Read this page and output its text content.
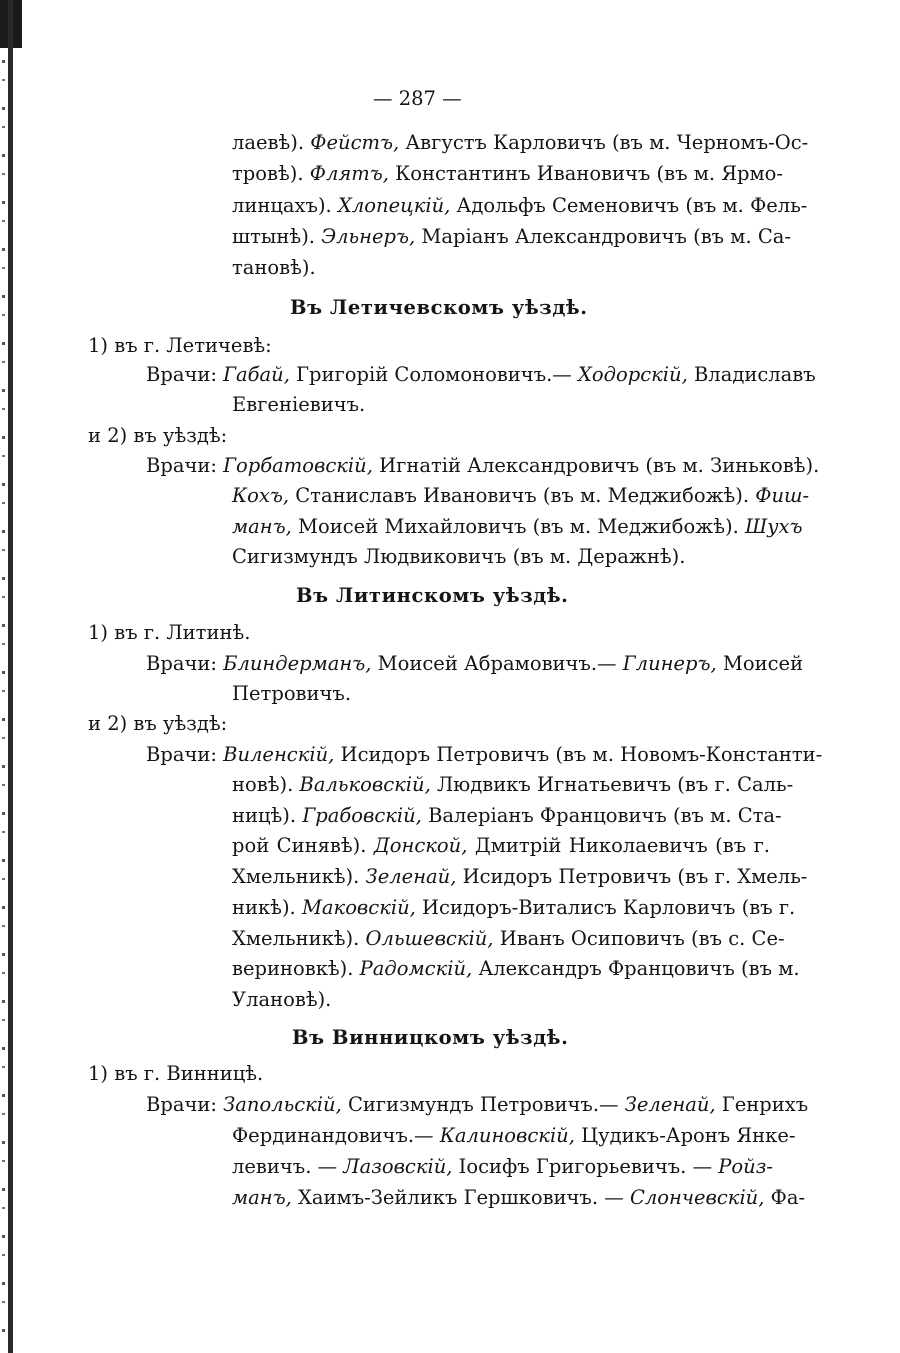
— 287 —
лаевѣ). Фейстъ, Августъ Карловичъ (въ м. Черномъ-Ос-
тровѣ). Флятъ, Константинъ Ивановичъ (въ м. Ярмо-
линцахъ). Хлопецкій, Адольфъ Семеновичъ (въ м. Фель-
штынѣ). Эльнеръ, Маріанъ Александровичъ (въ м. Са-
тановѣ).
Въ Летичевскомъ уѣздѣ.
1) въ г. Летичевѣ:
Врачи: Габай, Григорій Соломоновичъ.— Ходорскій, Владиславъ
Евгеніевичъ.
и 2) въ уѣздѣ:
Врачи: Горбатовскій, Игнатій Александровичъ (въ м. Зиньковѣ).
Кохъ, Станиславъ Ивановичъ (въ м. Меджибожѣ). Фиш-
манъ, Моисей Михайловичъ (въ м. Меджибожѣ). Шухъ
Сигизмундъ Людвиковичъ (въ м. Деражнѣ).
Въ Литинскомъ уѣздѣ.
1) въ г. Литинѣ.
Врачи: Блиндерманъ, Моисей Абрамовичъ.— Глинеръ, Моисей
Петровичъ.
и 2) въ уѣздѣ:
Врачи: Виленскій, Исидоръ Петровичъ (въ м. Новомъ-Константи-
новѣ). Вальковскій, Людвикъ Игнатьевичъ (въ г. Саль-
ницѣ). Грабовскій, Валеріанъ Францовичъ (въ м. Ста-
рой Синявѣ). Донской, Дмитрій Николаевичъ (въ г.
Хмельникѣ). Зеленай, Исидоръ Петровичъ (въ г. Хмель-
никѣ). Маковскій, Исидоръ-Виталисъ Карловичъ (въ г.
Хмельникѣ). Ольшевскій, Иванъ Осиповичъ (въ с. Се-
вериновкѣ). Радомскій, Александръ Францовичъ (въ м.
Улановѣ).
Въ Винницкомъ уѣздѣ.
1) въ г. Винницѣ.
Врачи: Запольскій, Сигизмундъ Петровичъ.— Зеленай, Генрихъ
Фердинандовичъ.— Калиновскій, Цудикъ-Аронъ Янке-
левичъ. — Лазовскій, Іосифъ Григорьевичъ. — Ройз-
манъ, Хаимъ-Зейликъ Гершковичъ. — Слончевскій, Фа-
